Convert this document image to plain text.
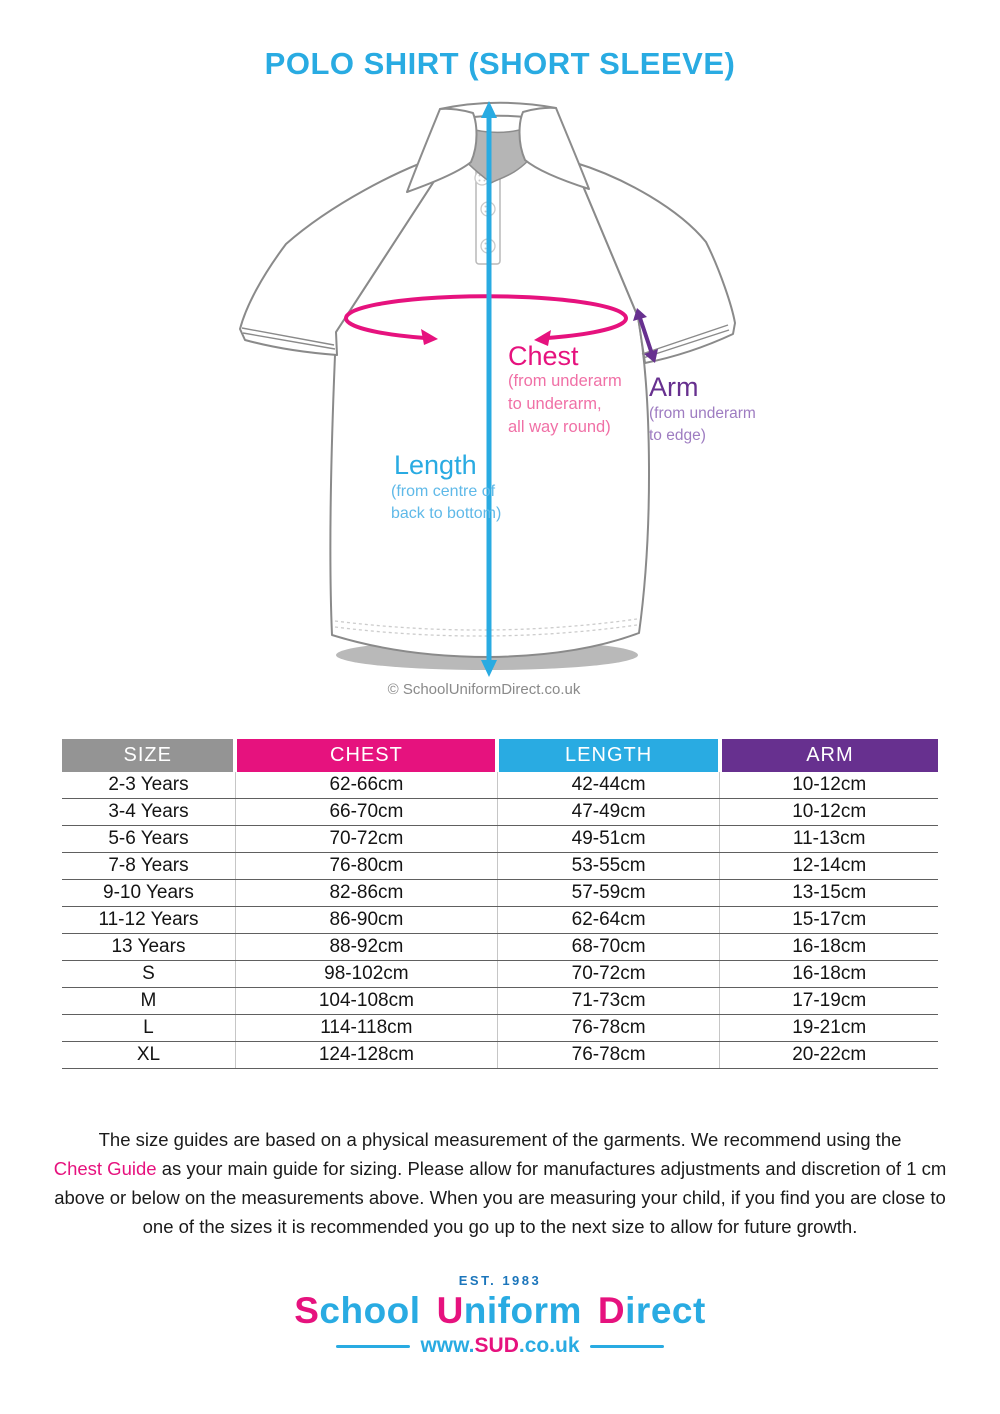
POLO SHIRT (SHORT SLEEVE)
Chest
(from underarm
to underarm,
all way round)
Arm
(from underarm
to edge)
Length
(from centre of
back to bottom)
© SchoolUniformDirect.co.uk
SIZE	CHEST	LENGTH	ARM

2-3 Years	62-66cm	42-44cm	10-12cm
3-4 Years	66-70cm	47-49cm	10-12cm
5-6 Years	70-72cm	49-51cm	11-13cm
7-8 Years	76-80cm	53-55cm	12-14cm
9-10 Years	82-86cm	57-59cm	13-15cm
11-12 Years	86-90cm	62-64cm	15-17cm
13 Years	88-92cm	68-70cm	16-18cm
S	98-102cm	70-72cm	16-18cm
M	104-108cm	71-73cm	17-19cm
L	114-118cm	76-78cm	19-21cm
XL	124-128cm	76-78cm	20-22cm
The size guides are based on a physical measurement of the garments. We recommend using the
Chest Guide as your main guide for sizing. Please allow for manufactures adjustments and discretion of 1 cm
above or below on the measurements above. When you are measuring your child, if you find you are close to
one of the sizes it is recommended you go up to the next size to allow for future growth.
EST. 1983
School Uniform Direct
www.SUD.co.uk
